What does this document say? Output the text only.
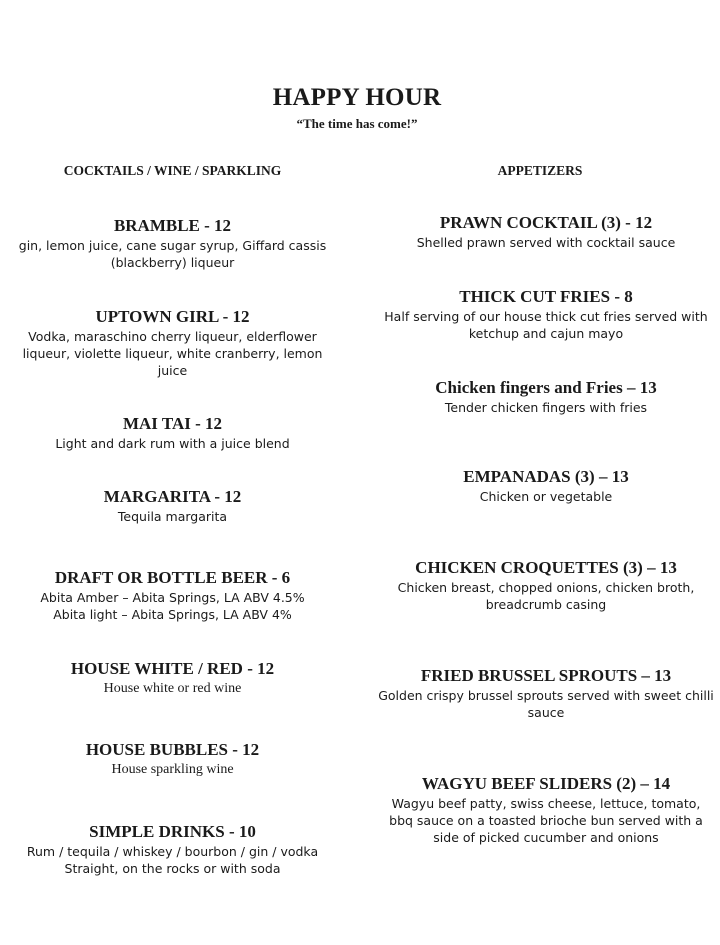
HAPPY HOUR
“The time has come!”
COCKTAILS / WINE / SPARKLING	APPETIZERS
BRAMBLE - 12
gin, lemon juice, cane sugar syrup, Giffard cassis
(blackberry) liqueur
UPTOWN GIRL - 12
Vodka, maraschino cherry liqueur, elderflower
liqueur, violette liqueur, white cranberry, lemon
juice
MAI TAI - 12
Light and dark rum with a juice blend
MARGARITA - 12
Tequila margarita
DRAFT OR BOTTLE BEER - 6
Abita Amber – Abita Springs, LA ABV 4.5%
Abita light – Abita Springs, LA ABV 4%
HOUSE WHITE / RED - 12
House white or red wine
HOUSE BUBBLES - 12
House sparkling wine
SIMPLE DRINKS - 10
Rum / tequila / whiskey / bourbon / gin / vodka
Straight, on the rocks or with soda
PRAWN COCKTAIL (3) - 12
Shelled prawn served with cocktail sauce
THICK CUT FRIES - 8
Half serving of our house thick cut fries served with
ketchup and cajun mayo
Chicken fingers and Fries – 13
Tender chicken fingers with fries
EMPANADAS (3) – 13
Chicken or vegetable
CHICKEN CROQUETTES (3) – 13
Chicken breast, chopped onions, chicken broth,
breadcrumb casing
FRIED BRUSSEL SPROUTS – 13
Golden crispy brussel sprouts served with sweet chilli
sauce
WAGYU BEEF SLIDERS (2) – 14
Wagyu beef patty, swiss cheese, lettuce, tomato,
bbq sauce on a toasted brioche bun served with a
side of picked cucumber and onions
